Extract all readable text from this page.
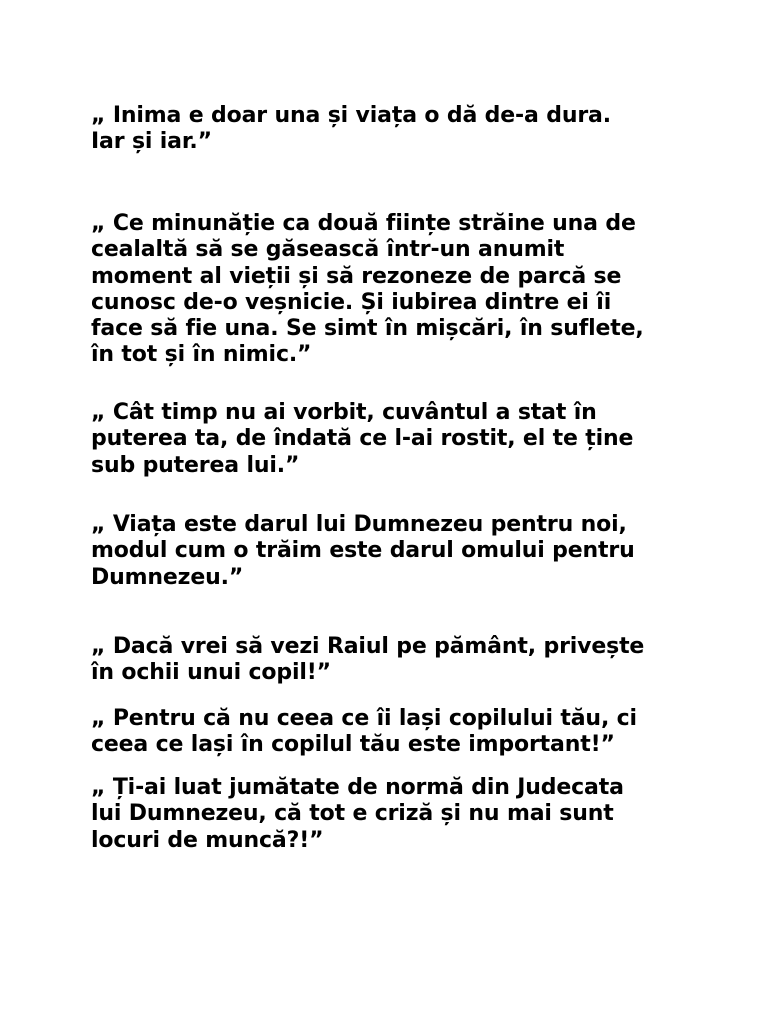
„ Inima e doar una și viața o dă de-a dura.
Iar și iar.”

„ Ce minunăție ca două ființe străine una de
cealaltă să se găsească într-un anumit
moment al vieții și să rezoneze de parcă se
cunosc de-o veșnicie. Și iubirea dintre ei îi
face să fie una. Se simt în mișcări, în suflete,
în tot și în nimic.”

„ Cât timp nu ai vorbit, cuvântul a stat în
puterea ta, de îndată ce l-ai rostit, el te ține
sub puterea lui.”

„ Viața este darul lui Dumnezeu pentru noi,
modul cum o trăim este darul omului pentru
Dumnezeu.”

„ Dacă vrei să vezi Raiul pe pământ, privește
în ochii unui copil!”

„ Pentru că nu ceea ce îi lași copilului tău, ci
ceea ce lași în copilul tău este important!”

„ Ți-ai luat jumătate de normă din Judecata
lui Dumnezeu, că tot e criză și nu mai sunt
locuri de muncă?!”
